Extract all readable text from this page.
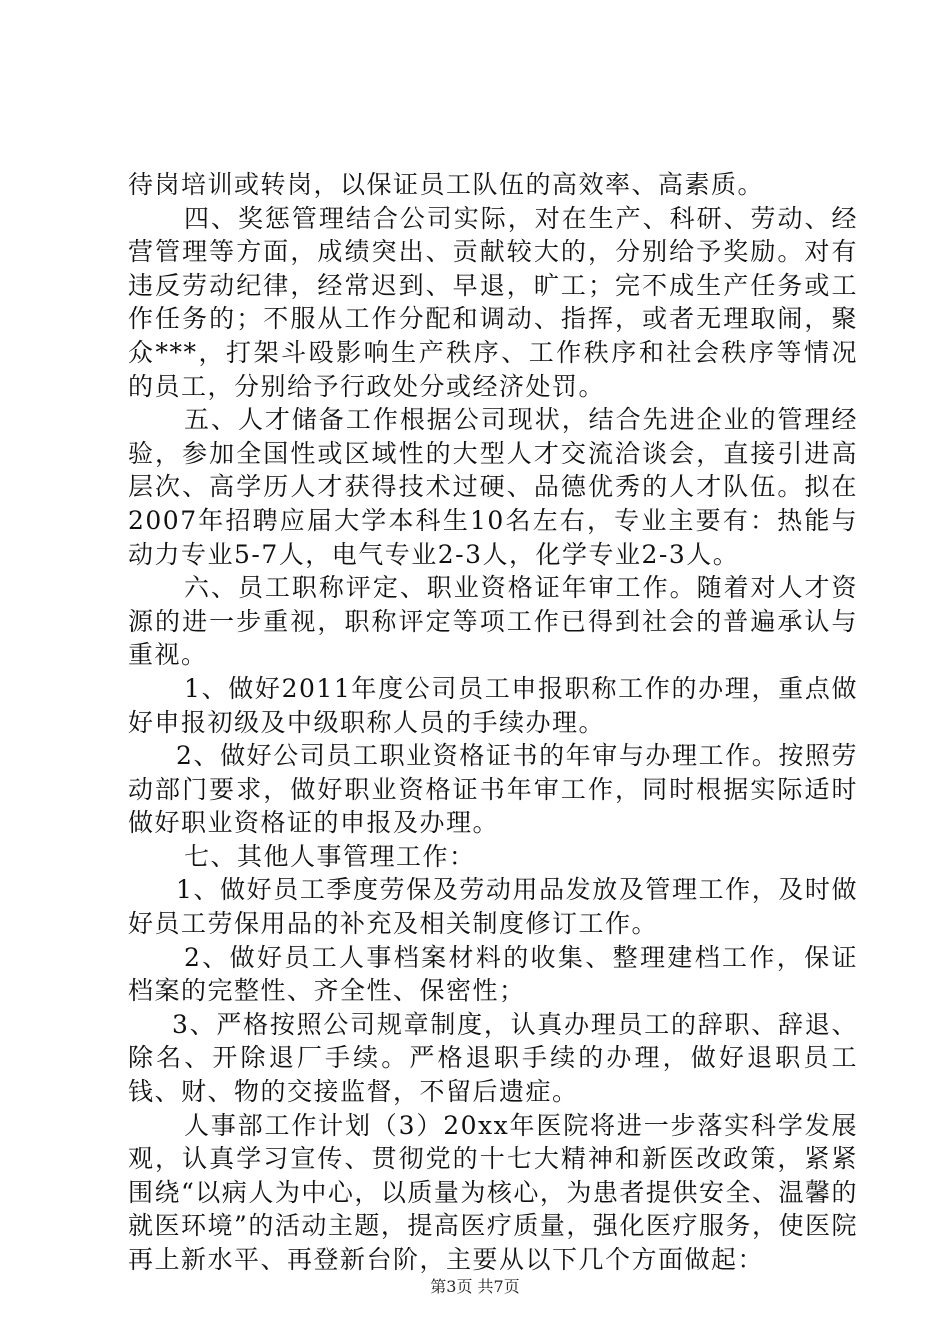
待岗培训或转岗，以保证员工队伍的高效率、高素质。

四、奖惩管理结合公司实际，对在生产、科研、劳动、经营管理等方面，成绩突出、贡献较大的，分别给予奖励。对有违反劳动纪律，经常迟到、早退，旷工；完不成生产任务或工作任务的；不服从工作分配和调动、指挥，或者无理取闹，聚众***，打架斗殴影响生产秩序、工作秩序和社会秩序等情况的员工，分别给予行政处分或经济处罚。

五、人才储备工作根据公司现状，结合先进企业的管理经验，参加全国性或区域性的大型人才交流洽谈会，直接引进高层次、高学历人才获得技术过硬、品德优秀的人才队伍。拟在2007年招聘应届大学本科生10名左右，专业主要有：热能与动力专业5-7人，电气专业2-3人，化学专业2-3人。

六、员工职称评定、职业资格证年审工作。随着对人才资源的进一步重视，职称评定等项工作已得到社会的普遍承认与重视。

1、做好2011年度公司员工申报职称工作的办理，重点做好申报初级及中级职称人员的手续办理。

2、做好公司员工职业资格证书的年审与办理工作。按照劳动部门要求，做好职业资格证书年审工作，同时根据实际适时做好职业资格证的申报及办理。

七、其他人事管理工作：

1、做好员工季度劳保及劳动用品发放及管理工作，及时做好员工劳保用品的补充及相关制度修订工作。

2、做好员工人事档案材料的收集、整理建档工作，保证档案的完整性、齐全性、保密性；

3、严格按照公司规章制度，认真办理员工的辞职、辞退、除名、开除退厂手续。严格退职手续的办理，做好退职员工钱、财、物的交接监督，不留后遗症。

人事部工作计划（3）20xx年医院将进一步落实科学发展观，认真学习宣传、贯彻党的十七大精神和新医改政策，紧紧围绕“以病人为中心，以质量为核心，为患者提供安全、温馨的就医环境”的活动主题，提高医疗质量，强化医疗服务，使医院再上新水平、再登新台阶，主要从以下几个方面做起：

第3页 共7页
